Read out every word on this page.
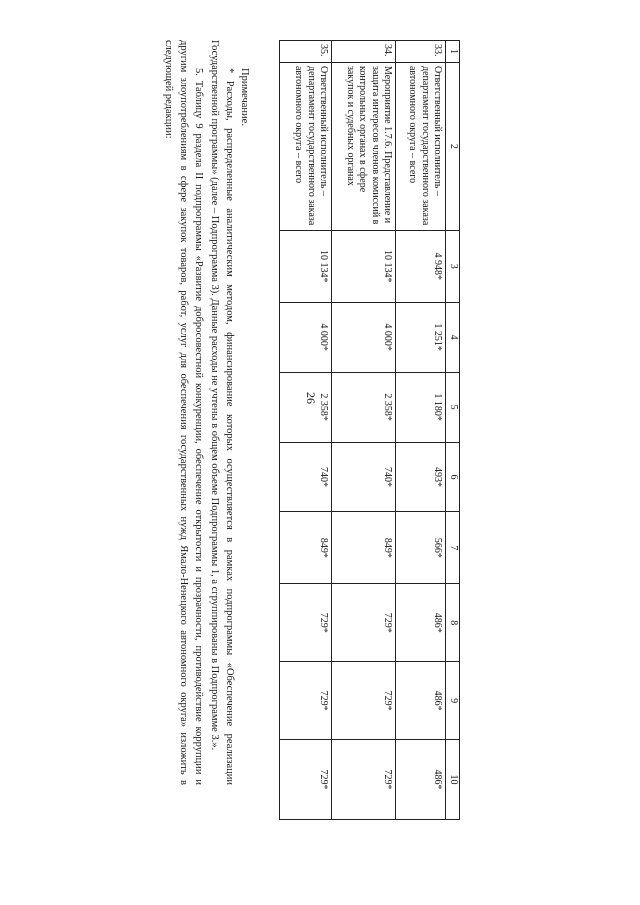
26
1	2	3	4	5	6	7	8	9	10
33.	Ответственный исполнитель – департамент государственного заказа автономного округа – всего	4 948*	1 251*	1 180*	493*	566*	486*	486*	486*
34.	Мероприятие 1.7.6. Представление и защита интересов членов комиссий в контрольных органах в сфере закупок и судебных органах	10 134*	4 000*	2 358*	740*	849*	729*	729*	729*
35.	Ответственный исполнитель – департамент государственного заказа автономного округа – всего	10 134*	4 000*	2 358*	740*	849*	729*	729*	729*

Примечание.

* Расходы, распределенные аналитическим методом, финансирование которых осуществляется в рамках подпрограммы «Обеспечение реализации Государственной программы» (далее – Подпрограмма 3). Данные расходы не учтены в общем объеме Подпрограммы 1, а сгруппированы в Подпрограмме 3.».

5. Таблицу 9 раздела II подпрограммы «Развитие добросовестной конкуренции, обеспечение открытости и прозрачности, противодействие коррупции и другим злоупотреблениям в сфере закупок товаров, работ, услуг для обеспечения государственных нужд Ямало-Ненецкого автономного округа» изложить в следующей редакции:
